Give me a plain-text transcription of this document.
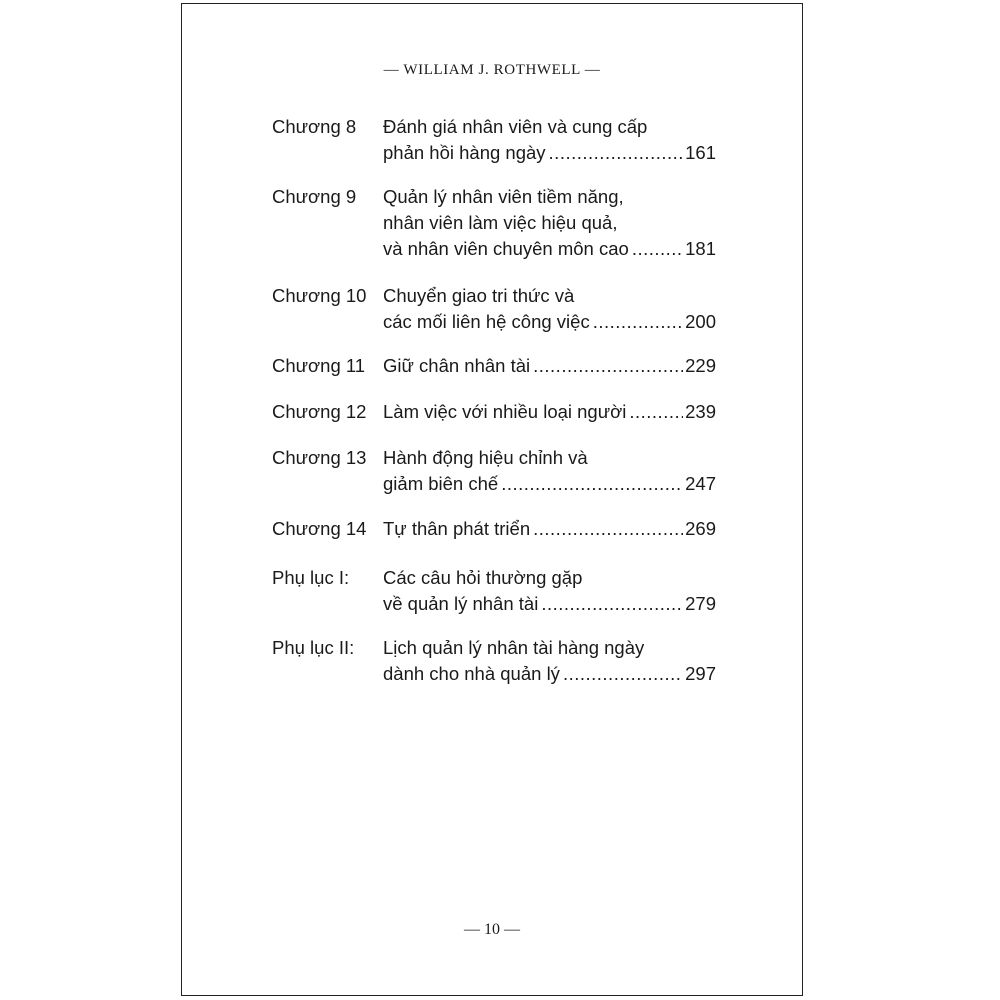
— WILLIAM J. ROTHWELL —
Chương 8	Đánh giá nhân viên và cung cấp
phản hồi hàng ngày .....	161
Chương 9	Quản lý nhân viên tiềm năng,
nhân viên làm việc hiệu quả,
và nhân viên chuyên môn cao .....	181
Chương 10 Chuyển giao tri thức và
các mối liên hệ công việc .....	200
Chương 11 Giữ chân nhân tài .....	229
Chương 12 Làm việc với nhiều loại người .....	239
Chương 13 Hành động hiệu chỉnh và
giảm biên chế .....	247
Chương 14 Tự thân phát triển .....	269
Phụ lục I:	Các câu hỏi thường gặp
về quản lý nhân tài .....	279
Phụ lục II:	Lịch quản lý nhân tài hàng ngày
dành cho nhà quản lý .....	297
— 10 —
